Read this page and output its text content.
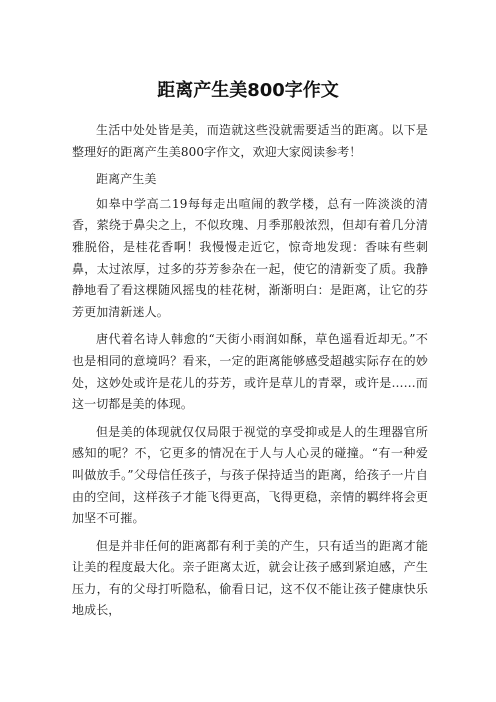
距离产生美800字作文

生活中处处皆是美，而造就这些没就需要适当的距离。以下是整理好的距离产生美800字作文，欢迎大家阅读参考！

距离产生美

如皋中学高二19每每走出喧闹的教学楼，总有一阵淡淡的清香，萦绕于鼻尖之上，不似玫瑰、月季那般浓烈，但却有着几分清雅脱俗，是桂花香啊！我慢慢走近它，惊奇地发现：香味有些刺鼻，太过浓厚，过多的芬芳参杂在一起，使它的清新变了质。我静静地看了看这棵随风摇曳的桂花树，渐渐明白：是距离，让它的芬芳更加清新迷人。

唐代着名诗人韩愈的“天街小雨润如酥，草色遥看近却无。”不也是相同的意境吗？看来，一定的距离能够感受超越实际存在的妙处，这妙处或许是花儿的芬芳，或许是草儿的青翠，或许是……而这一切都是美的体现。

但是美的体现就仅仅局限于视觉的享受抑或是人的生理器官所感知的呢？不，它更多的情况在于人与人心灵的碰撞。“有一种爱叫做放手。”父母信任孩子，与孩子保持适当的距离，给孩子一片自由的空间，这样孩子才能飞得更高，飞得更稳，亲情的羁绊将会更加坚不可摧。

但是并非任何的距离都有利于美的产生，只有适当的距离才能让美的程度最大化。亲子距离太近，就会让孩子感到紧迫感，产生压力，有的父母打听隐私，偷看日记，这不仅不能让孩子健康快乐地成长，
